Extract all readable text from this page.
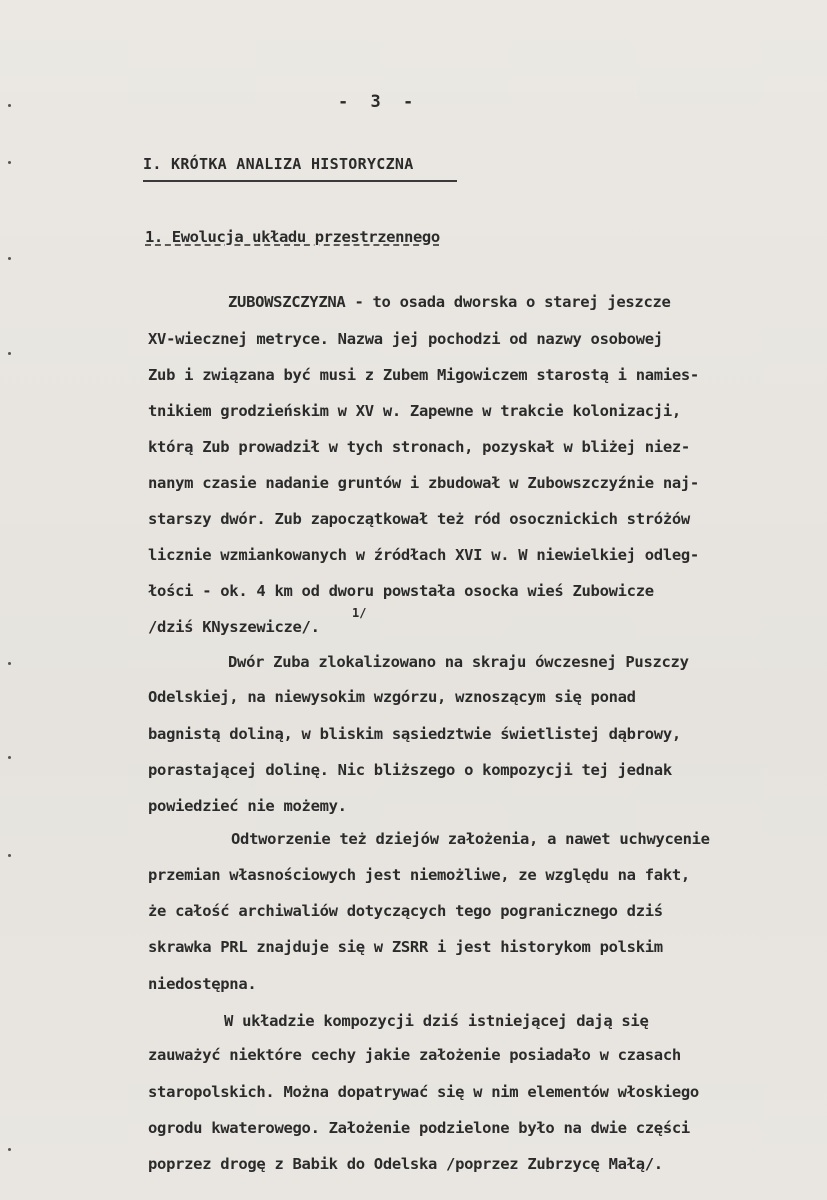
- 3 -
I. KRÓTKA ANALIZA HISTORYCZNA
1. Ewolucja układu przestrzennego
ZUBOWSZCZYZNA - to osada dworska o starej jeszcze
XV-wiecznej metryce. Nazwa jej pochodzi od nazwy osobowej
Zub i związana być musi z Zubem Migowiczem starostą i namies-
tnikiem grodzieńskim w XV w. Zapewne w trakcie kolonizacji,
którą Zub prowadził w tych stronach, pozyskał w bliżej niez-
nanym czasie nadanie gruntów i zbudował w Zubowszczyźnie naj-
starszy dwór. Zub zapoczątkował też ród osocznickich stróżów
licznie wzmiankowanych w źródłach XVI w. W niewielkiej odleg-
łości - ok. 4 km od dworu powstała osocka wieś Zubowicze
/dziś KNyszewicze/.
1/
Dwór Zuba zlokalizowano na skraju ówczesnej Puszczy
Odelskiej, na niewysokim wzgórzu, wznoszącym się ponad
bagnistą doliną, w bliskim sąsiedztwie świetlistej dąbrowy,
porastającej dolinę. Nic bliższego o kompozycji tej jednak
powiedzieć nie możemy.
Odtworzenie też dziejów założenia, a nawet uchwycenie
przemian własnościowych jest niemożliwe, ze względu na fakt,
że całość archiwaliów dotyczących tego pogranicznego dziś
skrawka PRL znajduje się w ZSRR i jest historykom polskim
niedostępna.
W układzie kompozycji dziś istniejącej dają się
zauważyć niektóre cechy jakie założenie posiadało w czasach
staropolskich. Można dopatrywać się w nim elementów włoskiego
ogrodu kwaterowego. Założenie podzielone było na dwie części
poprzez drogę z Babik do Odelska /poprzez Zubrzycę Małą/.
